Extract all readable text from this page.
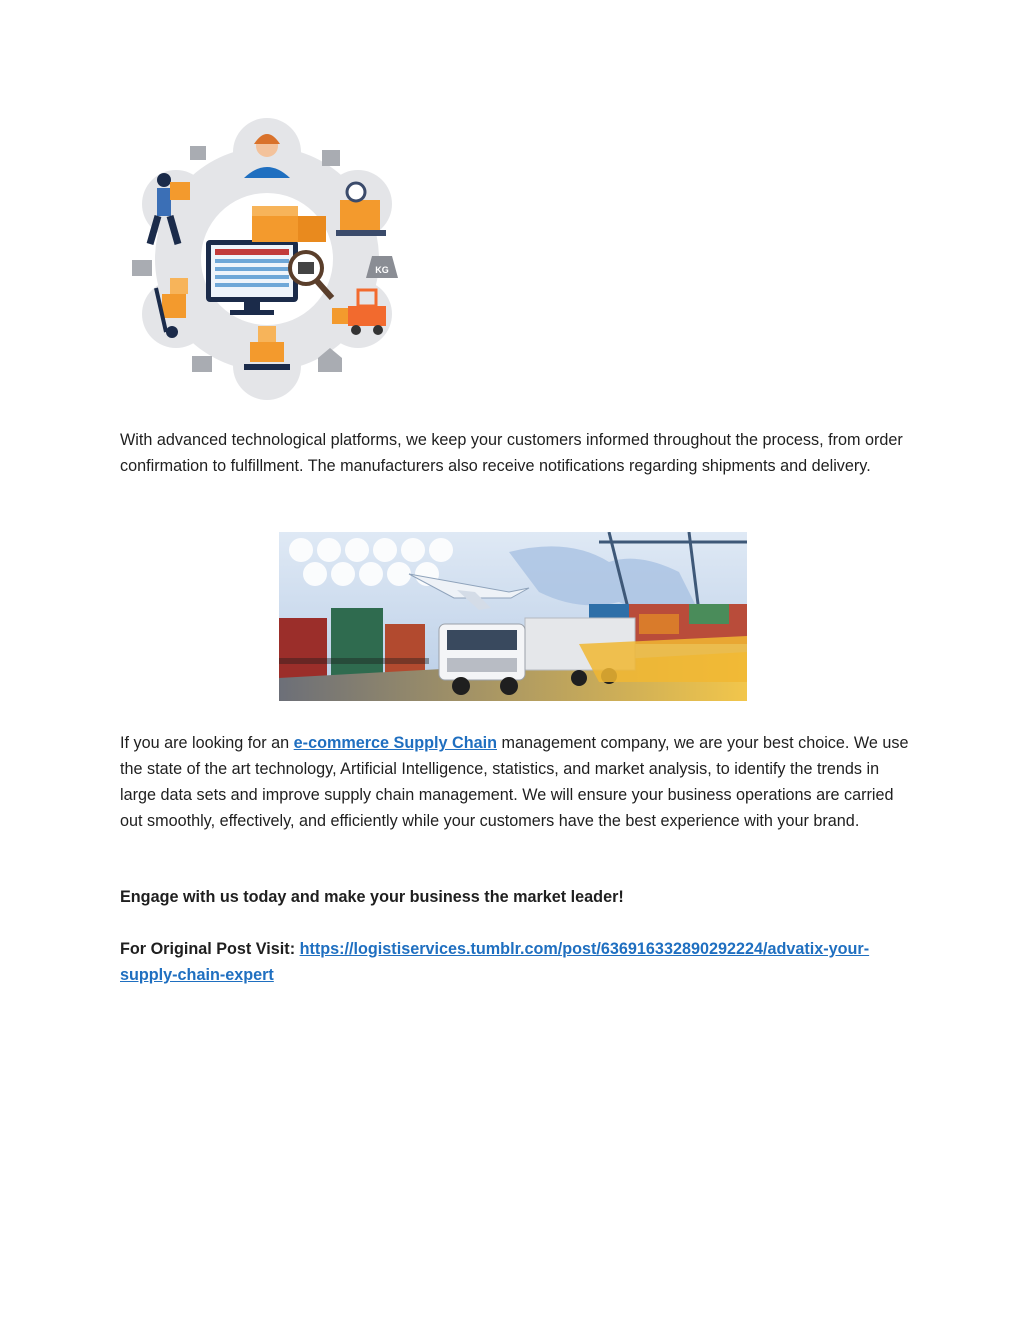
KG

With advanced technological platforms, we keep your customers informed throughout the process, from order confirmation to fulfillment. The manufacturers also receive notifications regarding shipments and delivery.

If you are looking for an e-commerce Supply Chain management company, we are your best choice. We use the state of the art technology, Artificial Intelligence, statistics, and market analysis, to identify the trends in large data sets and improve supply chain management. We will ensure your business operations are carried out smoothly, effectively, and efficiently while your customers have the best experience with your brand.

Engage with us today and make your business the market leader!

For Original Post Visit: https://logistiservices.tumblr.com/post/636916332890292224/advatix-your-supply-chain-expert
